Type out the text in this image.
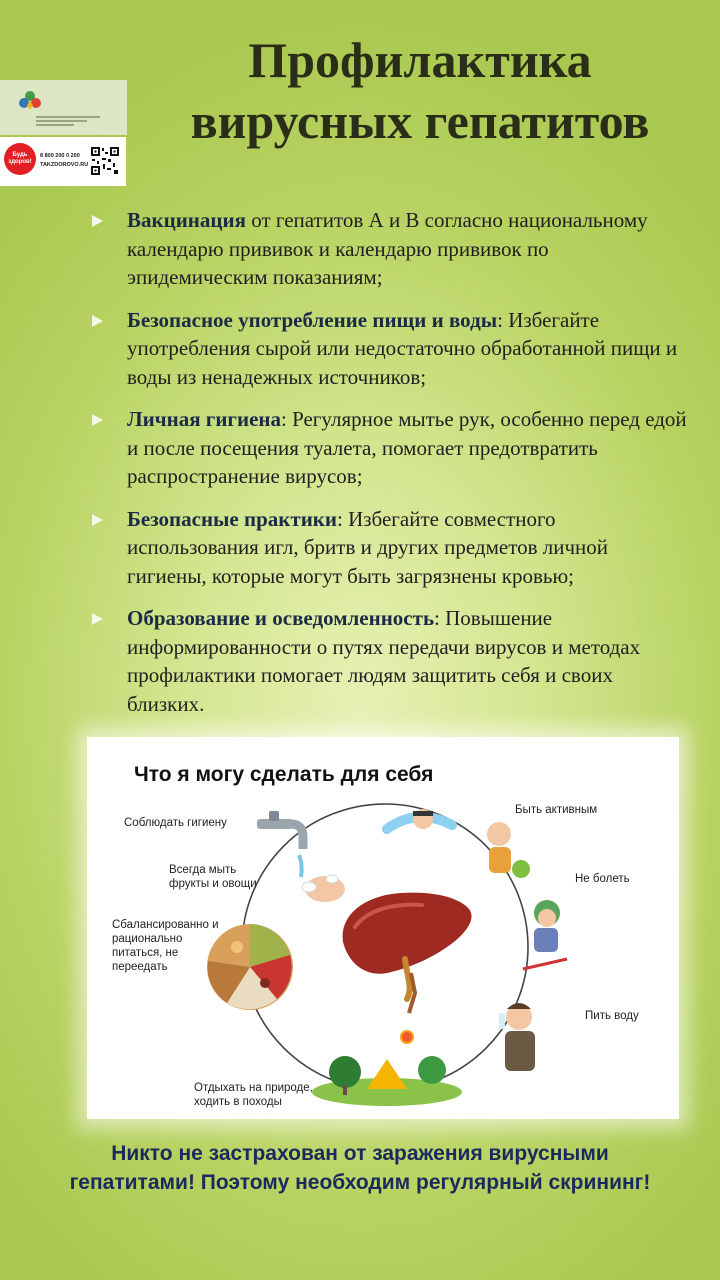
Будь здоров!
8 800 200 0 200
TAKZDOROVO.RU
Профилактика
вирусных гепатитов
Вакцинация от гепатитов А и В согласно национальному календарю прививок и календарю прививок по эпидемическим показаниям;
Безопасное употребление пищи и воды: Избегайте употребления сырой или недостаточно обработанной пищи и воды из ненадежных источников;
Личная гигиена: Регулярное мытье рук, особенно перед едой и после посещения туалета, помогает предотвратить распространение вирусов;
Безопасные практики: Избегайте совместного использования игл, бритв и других предметов личной гигиены, которые могут быть загрязнены кровью;
Образование и осведомленность: Повышение информированности о путях передачи вирусов и методах профилактики помогает людям защитить себя и своих близких.
Что я могу сделать для себя
Соблюдать гигиену
Всегда мыть фрукты и овощи
Сбалансированно и рационально питаться, не переедать
Отдыхать на природе, ходить в походы
Быть активным
Не болеть
Пить воду
Никто не застрахован от заражения вирусными гепатитами! Поэтому необходим регулярный скрининг!
